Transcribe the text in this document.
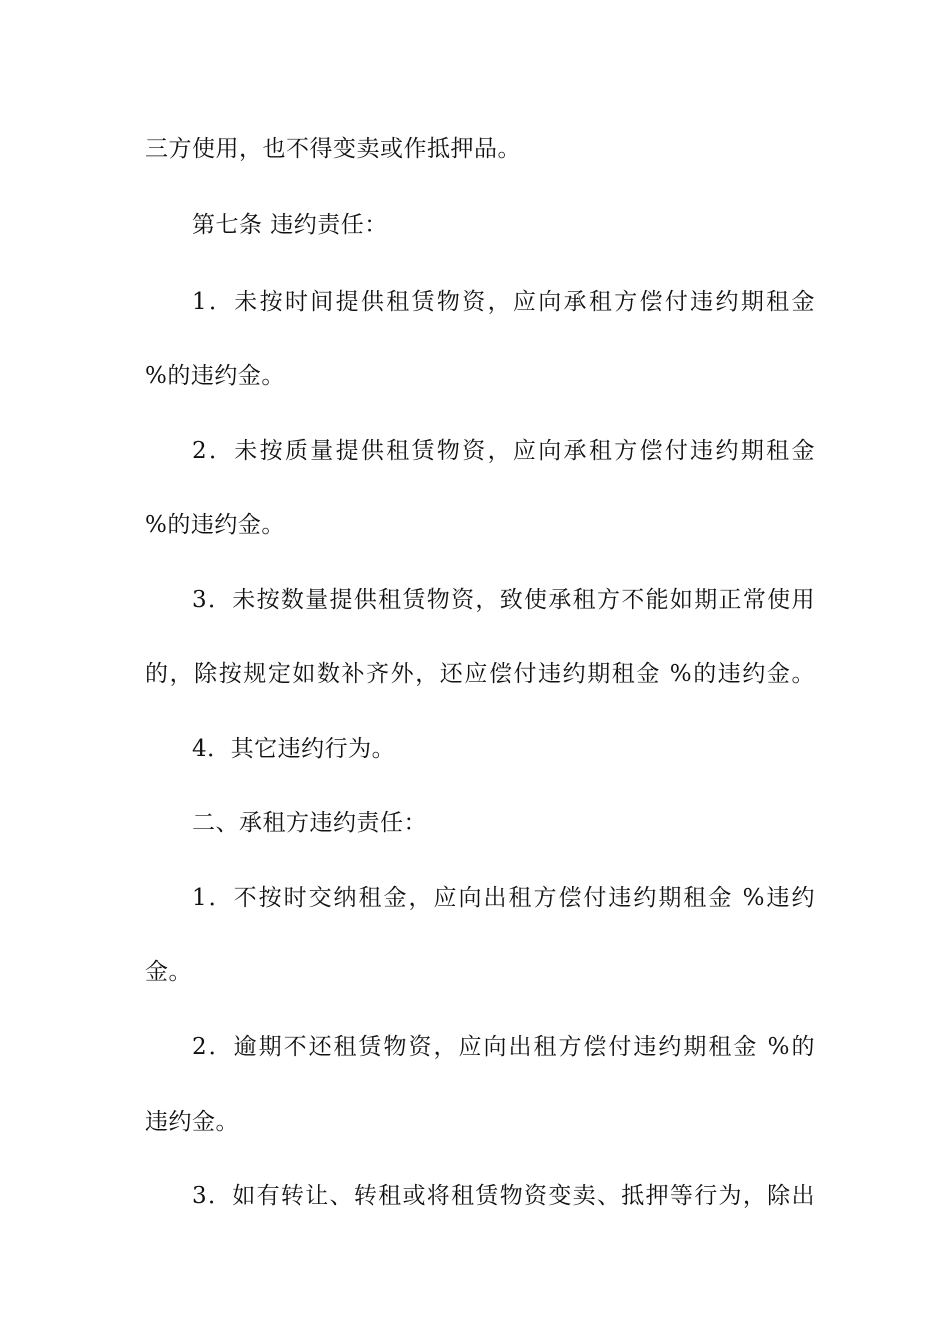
三方使用，也不得变卖或作抵押品。
第七条 违约责任：
1．未按时间提供租赁物资，应向承租方偿付违约期租金
%的违约金。
2．未按质量提供租赁物资，应向承租方偿付违约期租金
%的违约金。
3．未按数量提供租赁物资，致使承租方不能如期正常使用
的，除按规定如数补齐外，还应偿付违约期租金 %的违约金。
4．其它违约行为。
二、承租方违约责任：
1．不按时交纳租金，应向出租方偿付违约期租金 %违约
金。
2．逾期不还租赁物资，应向出租方偿付违约期租金 %的
违约金。
3．如有转让、转租或将租赁物资变卖、抵押等行为，除出
